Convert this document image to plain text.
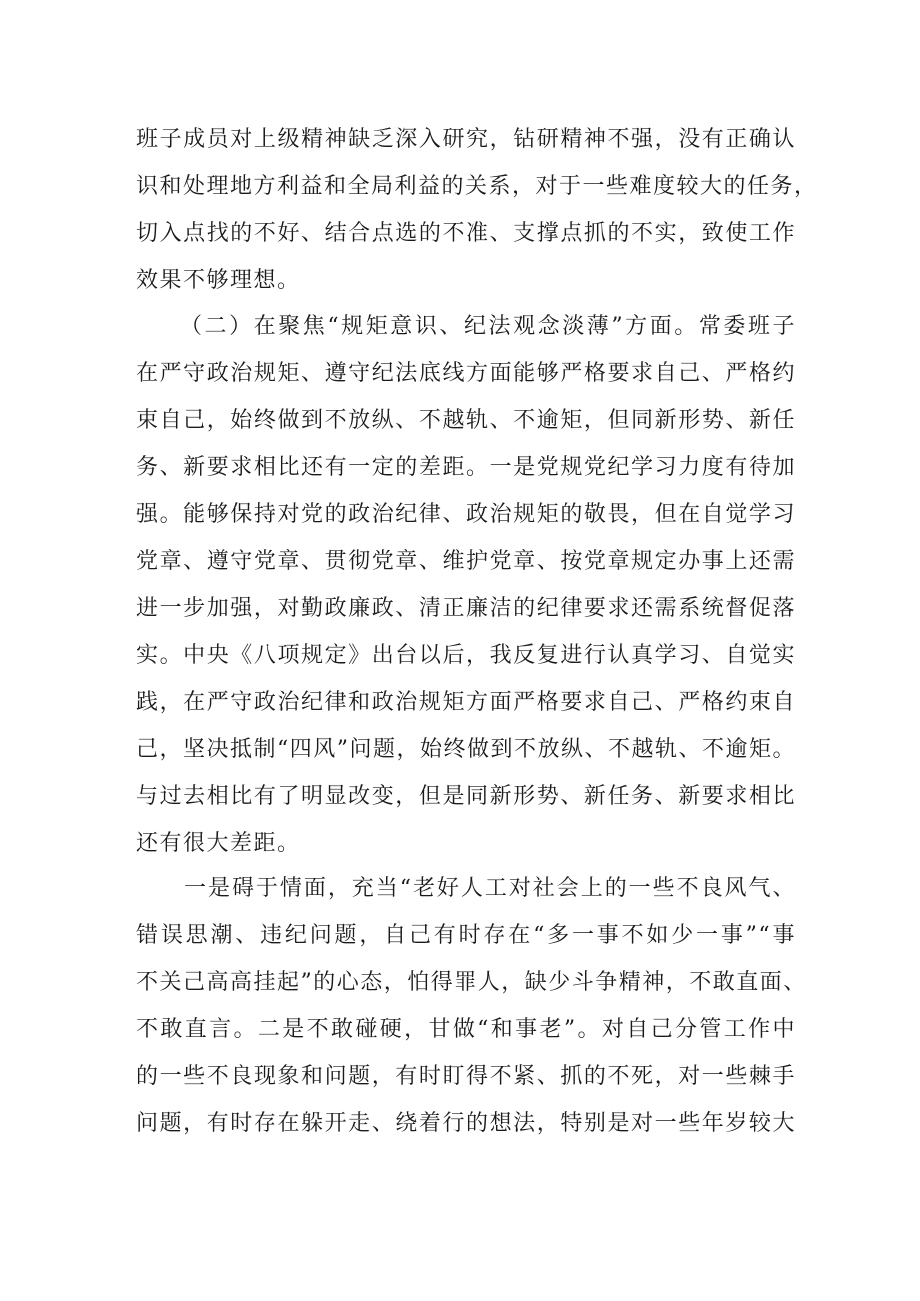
班子成员对上级精神缺乏深入研究，钻研精神不强，没有正确认
识和处理地方利益和全局利益的关系，对于一些难度较大的任务，
切入点找的不好、结合点选的不准、支撑点抓的不实，致使工作
效果不够理想。
（二）在聚焦“规矩意识、纪法观念淡薄”方面。常委班子
在严守政治规矩、遵守纪法底线方面能够严格要求自己、严格约
束自己，始终做到不放纵、不越轨、不逾矩，但同新形势、新任
务、新要求相比还有一定的差距。一是党规党纪学习力度有待加
强。能够保持对党的政治纪律、政治规矩的敬畏，但在自觉学习
党章、遵守党章、贯彻党章、维护党章、按党章规定办事上还需
进一步加强，对勤政廉政、清正廉洁的纪律要求还需系统督促落
实。中央《八项规定》出台以后，我反复进行认真学习、自觉实
践，在严守政治纪律和政治规矩方面严格要求自己、严格约束自
己，坚决抵制“四风”问题，始终做到不放纵、不越轨、不逾矩。
与过去相比有了明显改变，但是同新形势、新任务、新要求相比
还有很大差距。
一是碍于情面，充当“老好人工对社会上的一些不良风气、
错误思潮、违纪问题，自己有时存在“多一事不如少一事”“事
不关己高高挂起”的心态，怕得罪人，缺少斗争精神，不敢直面、
不敢直言。二是不敢碰硬，甘做“和事老”。对自己分管工作中
的一些不良现象和问题，有时盯得不紧、抓的不死，对一些棘手
问题，有时存在躲开走、绕着行的想法，特别是对一些年岁较大
